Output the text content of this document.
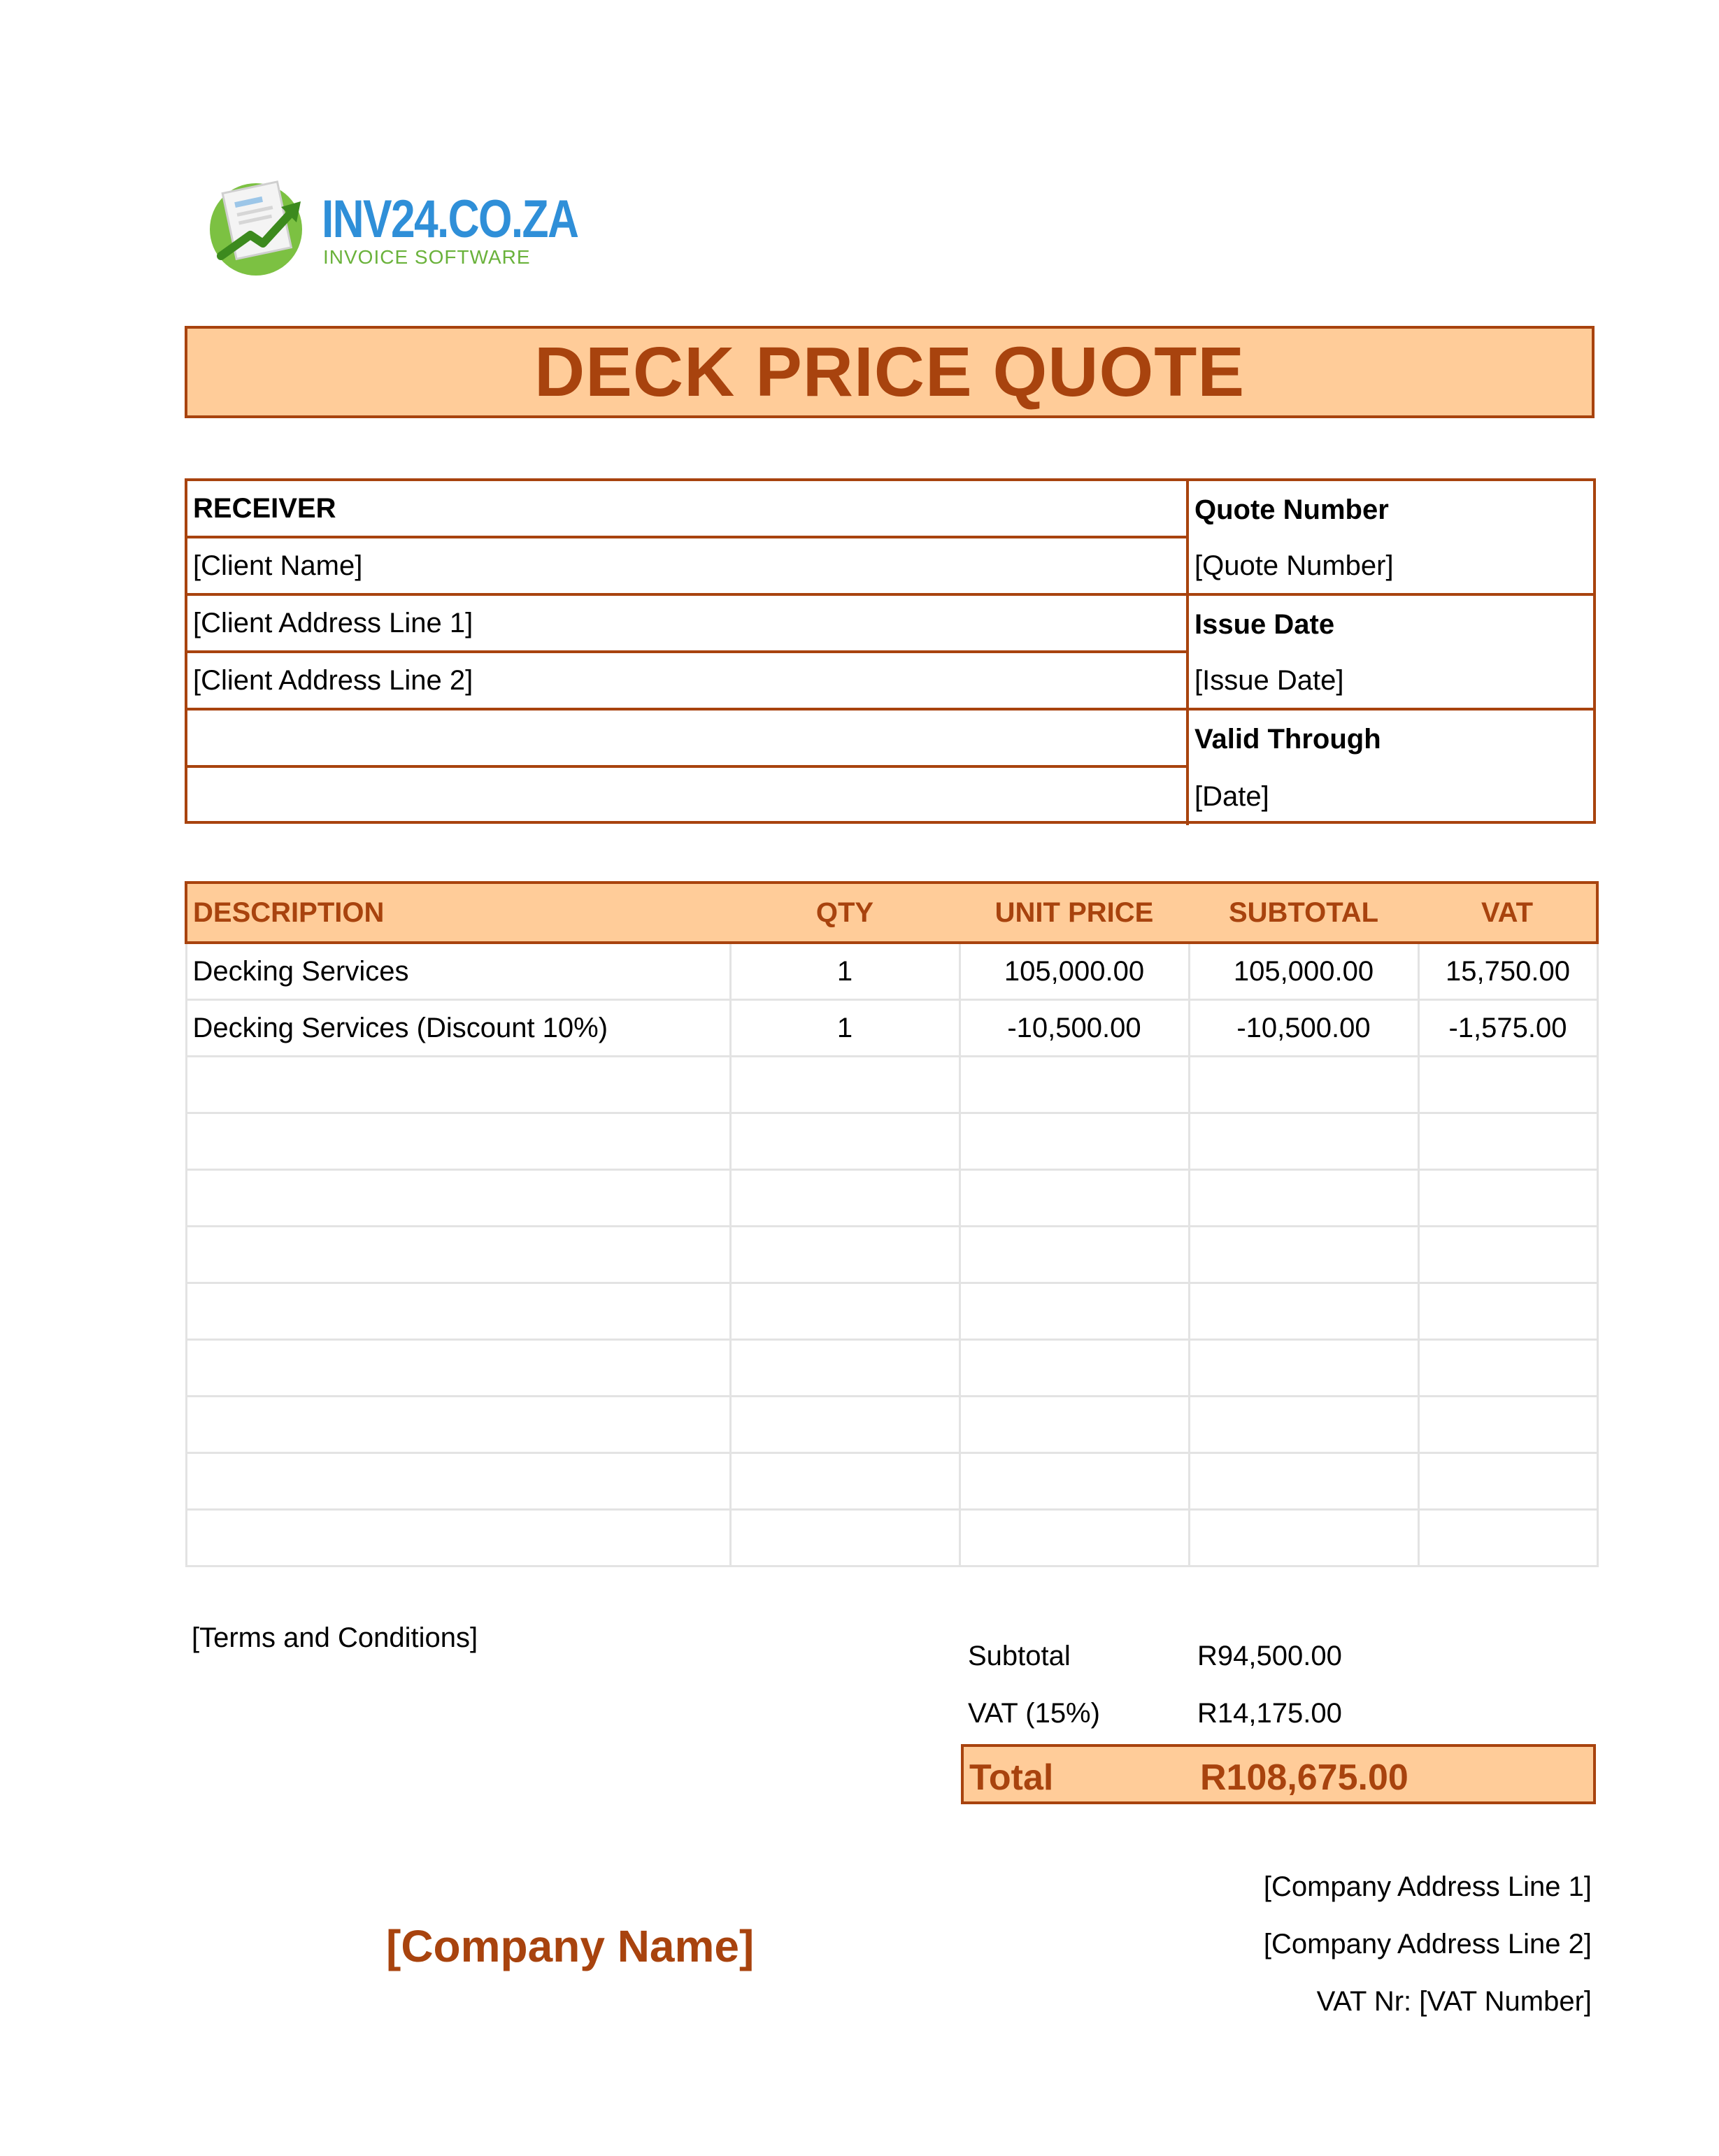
INV24.CO.ZA
INVOICE SOFTWARE
DECK PRICE QUOTE
RECEIVER
[Client Name]
[Client Address Line 1]
[Client Address Line 2]
Quote Number
[Quote Number]
Issue Date
[Issue Date]
Valid Through
[Date]
DESCRIPTION	QTY	UNIT PRICE	SUBTOTAL	VAT
Decking Services	1	105,000.00	105,000.00	15,750.00
Decking Services (Discount 10%)	1	-10,500.00	-10,500.00	-1,575.00

[Terms and Conditions]
Subtotal	R94,500.00
VAT (15%)	R14,175.00
Total	R108,675.00
[Company Name]
[Company Address Line 1]
[Company Address Line 2]
VAT Nr: [VAT Number]
